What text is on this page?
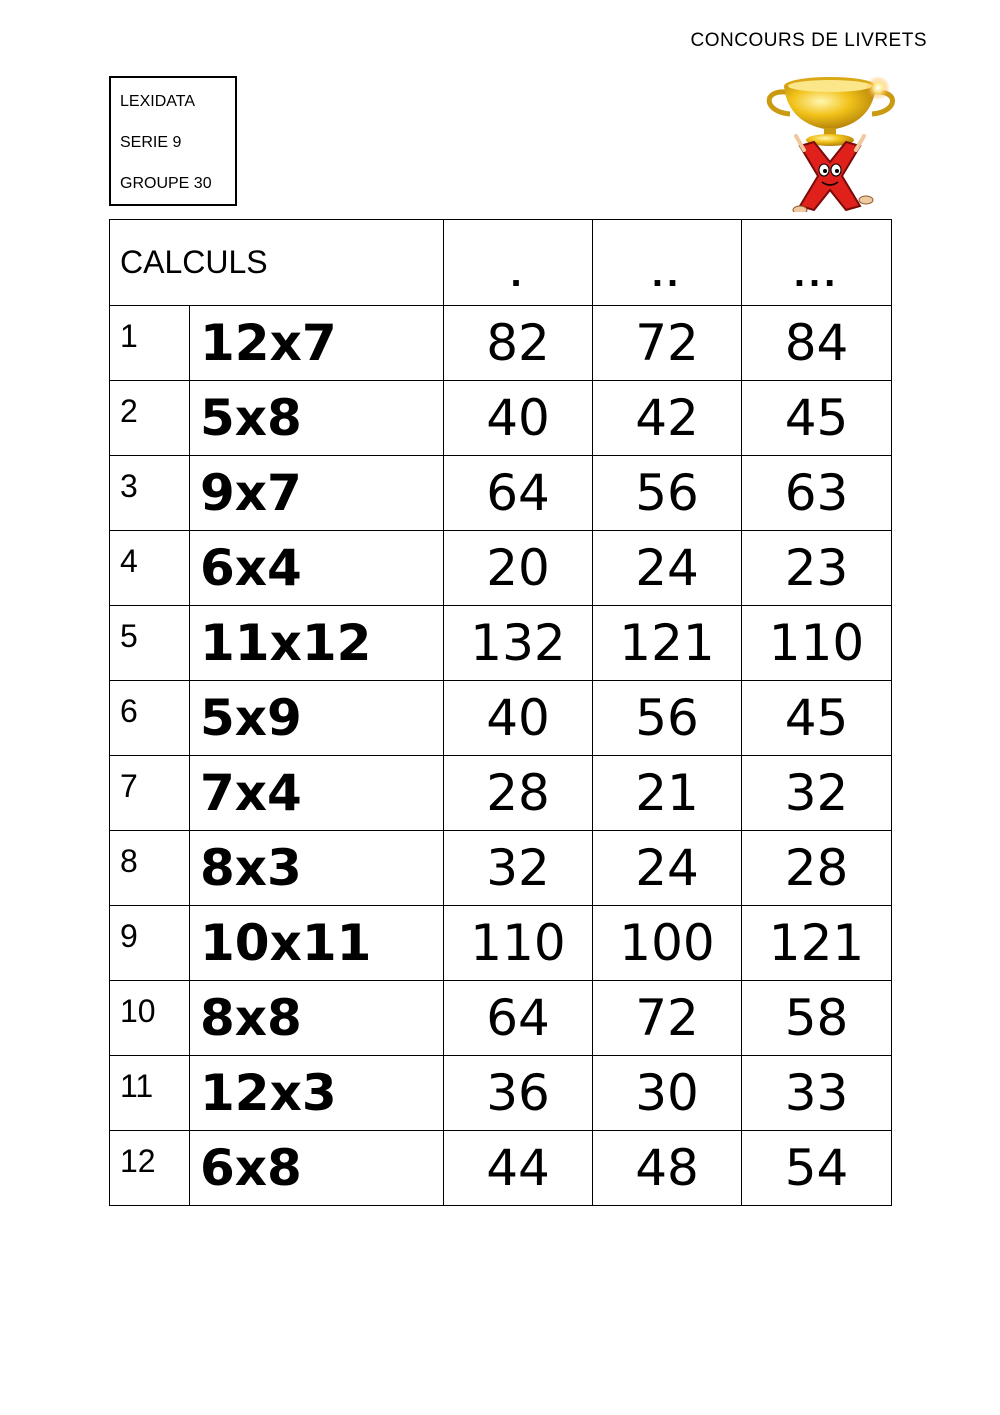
CONCOURS DE LIVRETS
LEXIDATA
SERIE 9
GROUPE 30
CALCULS		.	..	...
1	12x7	82	72	84
2	5x8	40	42	45
3	9x7	64	56	63
4	6x4	20	24	23
5	11x12	132	121	110
6	5x9	40	56	45
7	7x4	28	21	32
8	8x3	32	24	28
9	10x11	110	100	121
10	8x8	64	72	58
11	12x3	36	30	33
12	6x8	44	48	54
